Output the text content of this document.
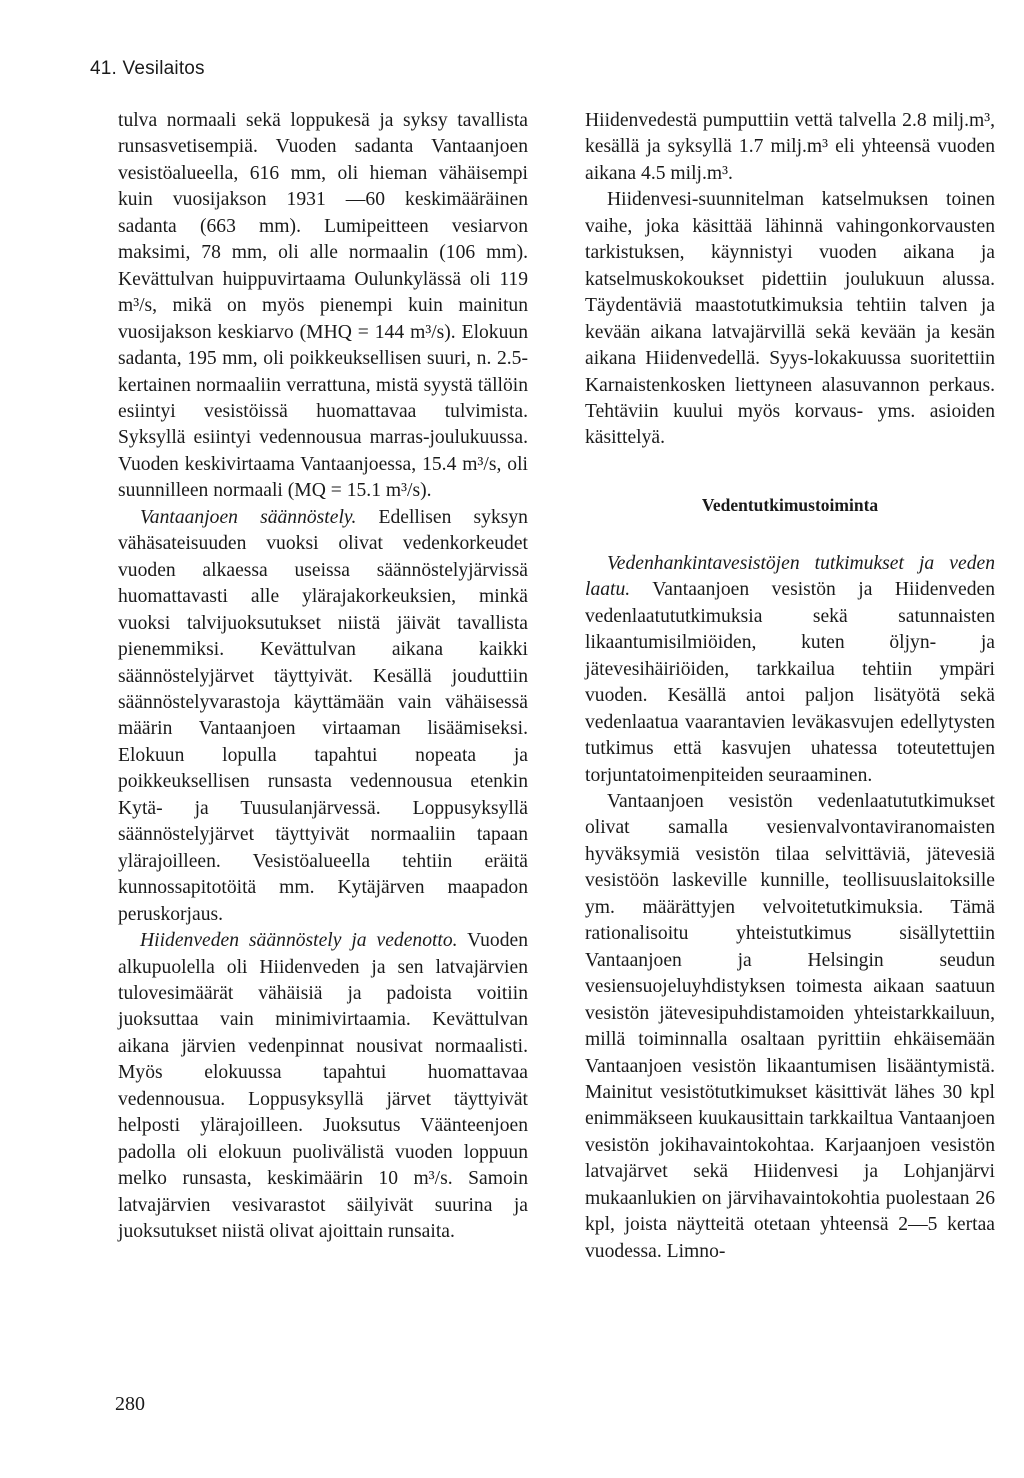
41. Vesilaitos

tulva normaali sekä loppukesä ja syksy tavallista runsasvetisempiä. Vuoden sadanta Vantaanjoen vesistöalueella, 616 mm, oli hieman vähäisempi kuin vuosijakson 1931 —60 keskimääräinen sadanta (663 mm). Lumipeitteen vesiarvon maksimi, 78 mm, oli alle normaalin (106 mm). Kevättulvan huippuvirtaama Oulunkylässä oli 119 m³/s, mikä on myös pienempi kuin mainitun vuosijakson keskiarvo (MHQ = 144 m³/s). Elokuun sadanta, 195 mm, oli poikkeuksellisen suuri, n. 2.5-kertainen normaaliin verrattuna, mistä syystä tällöin esiintyi vesistöissä huomattavaa tulvimista. Syksyllä esiintyi vedennousua marras-joulukuussa. Vuoden keskivirtaama Vantaanjoessa, 15.4 m³/s, oli suunnilleen normaali (MQ = 15.1 m³/s).

Vantaanjoen säännöstely. Edellisen syksyn vähäsateisuuden vuoksi olivat vedenkorkeudet vuoden alkaessa useissa säännöstelyjärvissä huomattavasti alle ylärajakorkeuksien, minkä vuoksi talvijuoksutukset niistä jäivät tavallista pienemmiksi. Kevättulvan aikana kaikki säännöstelyjärvet täyttyivät. Kesällä jouduttiin säännöstelyvarastoja käyttämään vain vähäisessä määrin Vantaanjoen virtaaman lisäämiseksi. Elokuun lopulla tapahtui nopeata ja poikkeuksellisen runsasta vedennousua etenkin Kytä- ja Tuusulanjärvessä. Loppusyksyllä säännöstelyjärvet täyttyivät normaaliin tapaan ylärajoilleen. Vesistöalueella tehtiin eräitä kunnossapitotöitä mm. Kytäjärven maapadon peruskorjaus.

Hiidenveden säännöstely ja vedenotto. Vuoden alkupuolella oli Hiidenveden ja sen latvajärvien tulovesimäärät vähäisiä ja padoista voitiin juoksuttaa vain minimivirtaamia. Kevättulvan aikana järvien vedenpinnat nousivat normaalisti. Myös elokuussa tapahtui huomattavaa vedennousua. Loppusyksyllä järvet täyttyivät helposti ylärajoilleen. Juoksutus Väänteenjoen padolla oli elokuun puolivälistä vuoden loppuun melko runsasta, keskimäärin 10 m³/s. Samoin latvajärvien vesivarastot säilyivät suurina ja juoksutukset niistä olivat ajoittain runsaita.

Hiidenvedestä pumputtiin vettä talvella 2.8 milj.m³, kesällä ja syksyllä 1.7 milj.m³ eli yhteensä vuoden aikana 4.5 milj.m³.

Hiidenvesi-suunnitelman katselmuksen toinen vaihe, joka käsittää lähinnä vahingonkorvausten tarkistuksen, käynnistyi vuoden aikana ja katselmuskokoukset pidettiin joulukuun alussa. Täydentäviä maastotutkimuksia tehtiin talven ja kevään aikana latvajärvillä sekä kevään ja kesän aikana Hiidenvedellä. Syys-lokakuussa suoritettiin Karnaistenkosken liettyneen alasuvannon perkaus. Tehtäviin kuului myös korvaus- yms. asioiden käsittelyä.

Vedentutkimustoiminta

Vedenhankintavesistöjen tutkimukset ja veden laatu. Vantaanjoen vesistön ja Hiidenveden vedenlaatututkimuksia sekä satunnaisten likaantumisilmiöiden, kuten öljyn- ja jätevesihäiriöiden, tarkkailua tehtiin ympäri vuoden. Kesällä antoi paljon lisätyötä sekä vedenlaatua vaarantavien leväkasvujen edellytysten tutkimus että kasvujen uhatessa toteutettujen torjuntatoimenpiteiden seuraaminen.

Vantaanjoen vesistön vedenlaatututkimukset olivat samalla vesienvalvontaviranomaisten hyväksymiä vesistön tilaa selvittäviä, jätevesiä vesistöön laskeville kunnille, teollisuuslaitoksille ym. määrättyjen velvoitetutkimuksia. Tämä rationalisoitu yhteistutkimus sisällytettiin Vantaanjoen ja Helsingin seudun vesiensuojeluyhdistyksen toimesta aikaan saatuun vesistön jätevesipuhdistamoiden yhteistarkkailuun, millä toiminnalla osaltaan pyrittiin ehkäisemään Vantaanjoen vesistön likaantumisen lisääntymistä. Mainitut vesistötutkimukset käsittivät lähes 30 kpl enimmäkseen kuukausittain tarkkailtua Vantaanjoen vesistön jokihavaintokohtaa. Karjaanjoen vesistön latvajärvet sekä Hiidenvesi ja Lohjanjärvi mukaanlukien on järvihavaintokohtia puolestaan 26 kpl, joista näytteitä otetaan yhteensä 2—5 kertaa vuodessa. Limno-

280
